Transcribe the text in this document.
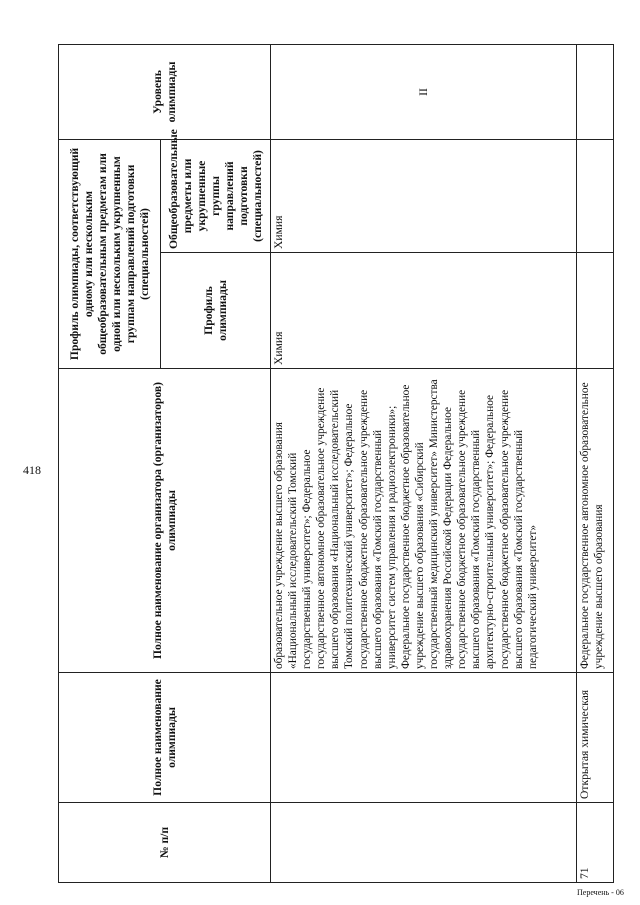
418
№ п/п	Полное наименование олимпиады	Полное наименование организатора (организаторов) олимпиады	Профиль олимпиады, соответствующий одному или нескольким общеобразовательным предметам или одной или нескольким укрупненным группам направлений подготовки (специальностей)		Уровень олимпиады
			Профиль олимпиады	Общеобразовательные предметы или укрупненные группы направлений подготовки (специальностей)	
		образовательное учреждение высшего образования «Национальный исследовательский Томский государственный университет»; Федеральное государственное автономное образовательное учреждение высшего образования «Национальный исследовательский Томский политехнический университет»; Федеральное государственное бюджетное образовательное учреждение высшего образования «Томский государственный университет систем управления и радиоэлектроники»; Федеральное государственное бюджетное образовательное учреждение высшего образования «Сибирский государственный медицинский университет» Министерства здравоохранения Российской Федерации Федеральное государственное бюджетное образовательное учреждение высшего образования «Томский государственный архитектурно-строительный университет»; Федеральное государственное бюджетное образовательное учреждение высшего образования «Томский государственный педагогический университет»	Химия	Химия	II
71	Открытая химическая	Федеральное государственное автономное образовательное учреждение высшего образования			
Перечень - 06
